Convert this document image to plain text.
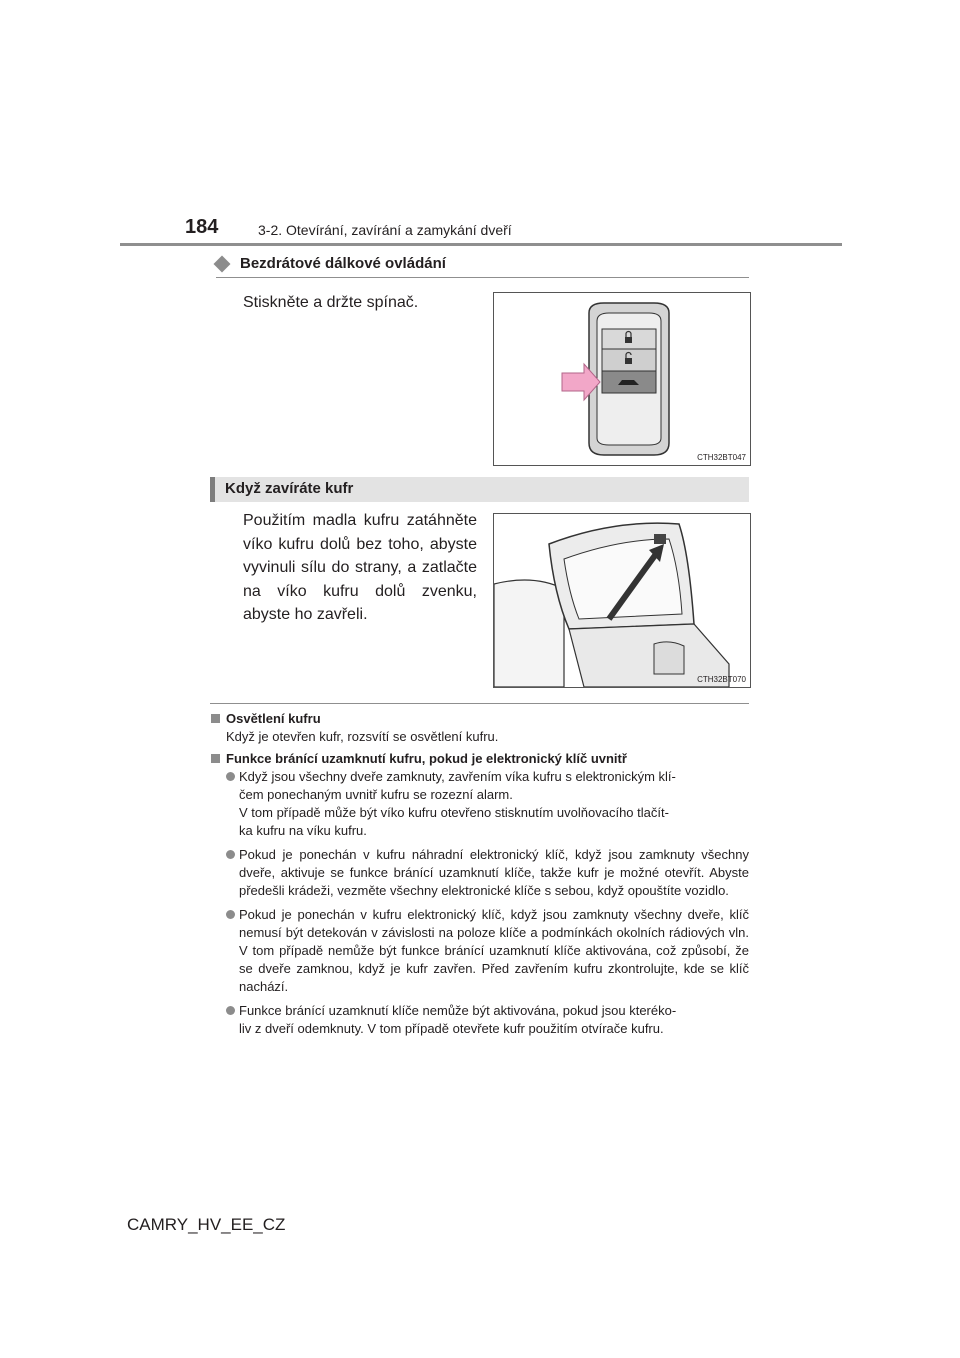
184	3-2. Otevírání, zavírání a zamykání dveří
Bezdrátové dálkové ovládání
Stiskněte a držte spínač.
CTH32BT047
Když zavíráte kufr
Použitím madla kufru zatáhněte víko kufru dolů bez toho, abyste vyvinuli sílu do strany, a zatlačte na víko kufru dolů zvenku, abyste ho zavřeli.
CTH32BT070
Osvětlení kufru
Když je otevřen kufr, rozsvítí se osvětlení kufru.
Funkce bránící uzamknutí kufru, pokud je elektronický klíč uvnitř
Když jsou všechny dveře zamknuty, zavřením víka kufru s elektronickým klí-
čem ponechaným uvnitř kufru se rozezní alarm.
V tom případě může být víko kufru otevřeno stisknutím uvolňovacího tlačít-
ka kufru na víku kufru.
Pokud je ponechán v kufru náhradní elektronický klíč, když jsou zamknuty všechny dveře, aktivuje se funkce bránící uzamknutí klíče, takže kufr je možné otevřít. Abyste předešli krádeži, vezměte všechny elektronické klíče s sebou, když opouštíte vozidlo.
Pokud je ponechán v kufru elektronický klíč, když jsou zamknuty všechny dveře, klíč nemusí být detekován v závislosti na poloze klíče a podmínkách okolních rádiových vln. V tom případě nemůže být funkce bránící uzamknutí klíče aktivována, což způsobí, že se dveře zamknou, když je kufr zavřen. Před zavřením kufru zkontrolujte, kde se klíč nachází.
Funkce bránící uzamknutí klíče nemůže být aktivována, pokud jsou kteréko-
liv z dveří odemknuty. V tom případě otevřete kufr použitím otvírače kufru.
CAMRY_HV_EE_CZ
